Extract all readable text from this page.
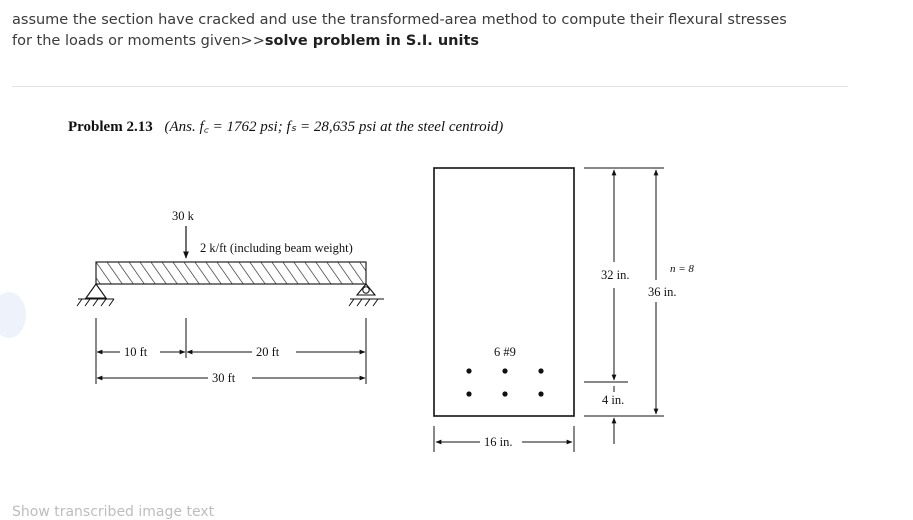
assume the section have cracked and use the transformed-area method to compute their flexural stresses
for the loads or moments given>>solve problem in S.I. units
Problem 2.13 (Ans. f꜀ = 1762 psi; fₛ = 28,635 psi at the steel centroid)
30 k
2 k/ft (including beam weight)
10 ft	20 ft
30 ft
6 #9
32 in.
36 in.
n = 8
4 in.
16 in.
Show transcribed image text
